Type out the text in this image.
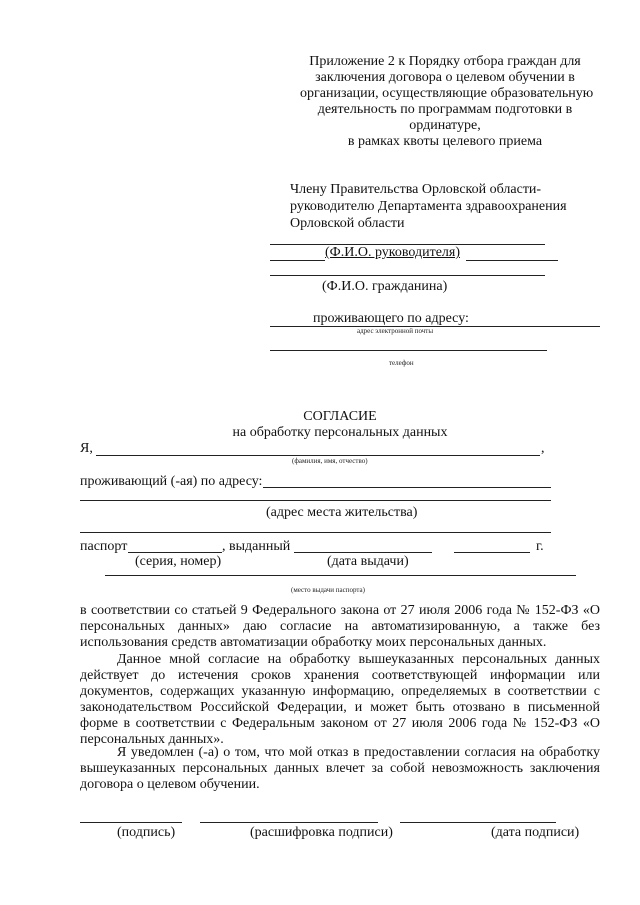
Приложение 2 к Порядку отбора граждан для
заключения договора о целевом обучении в
организации, осуществляющие образовательную
деятельность по программам подготовки в
ординатуре,
в рамках квоты целевого приема
Члену Правительства Орловской области-
руководителю Департамента здравоохранения
Орловской области
(Ф.И.О. руководителя)
(Ф.И.О. гражданина)
проживающего по адресу:
адрес электронной почты
телефон
СОГЛАСИЕ
на обработку персональных данных
Я,	,
(фамилия, имя, отчество)
проживающий (-ая) по адресу:
(адрес места жительства)
паспорт	, выданный	г.
(серия, номер)	(дата выдачи)
(место выдачи паспорта)
в соответствии со статьей 9 Федерального закона от 27 июля 2006 года № 152-ФЗ «О персональных данных» даю согласие на автоматизированную, а также без использования средств автоматизации обработку моих персональных данных.
Данное мной согласие на обработку вышеуказанных персональных данных действует до истечения сроков хранения соответствующей информации или документов, содержащих указанную информацию, определяемых в соответствии с законодательством Российской Федерации, и может быть отозвано в письменной форме в соответствии с Федеральным законом от 27 июля 2006 года № 152-ФЗ «О персональных данных».
Я уведомлен (-а) о том, что мой отказ в предоставлении согласия на обработку вышеуказанных персональных данных влечет за собой невозможность заключения договора о целевом обучении.
(подпись)	(расшифровка подписи)	(дата подписи)
